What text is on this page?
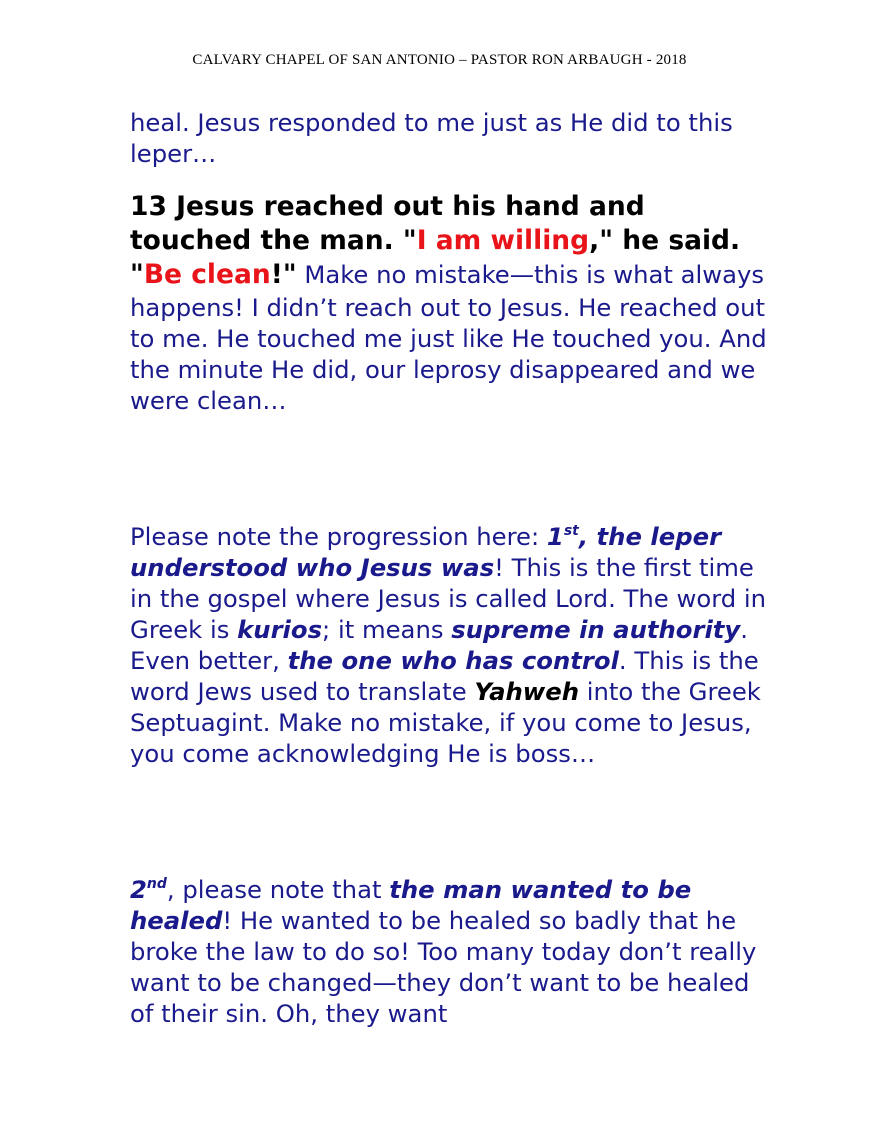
CALVARY CHAPEL OF SAN ANTONIO – PASTOR RON ARBAUGH - 2018

heal. Jesus responded to me just as He did to this leper…

13 Jesus reached out his hand and touched the man. "I am willing," he said. "Be clean!" Make no mistake—this is what always happens! I didn’t reach out to Jesus. He reached out to me. He touched me just like He touched you. And the minute He did, our leprosy disappeared and we were clean…

Please note the progression here: 1st, the leper understood who Jesus was! This is the first time in the gospel where Jesus is called Lord. The word in Greek is kurios; it means supreme in authority. Even better, the one who has control. This is the word Jews used to translate Yahweh into the Greek Septuagint. Make no mistake, if you come to Jesus, you come acknowledging He is boss…

2nd, please note that the man wanted to be healed! He wanted to be healed so badly that he broke the law to do so! Too many today don’t really want to be changed—they don’t want to be healed of their sin. Oh, they want
